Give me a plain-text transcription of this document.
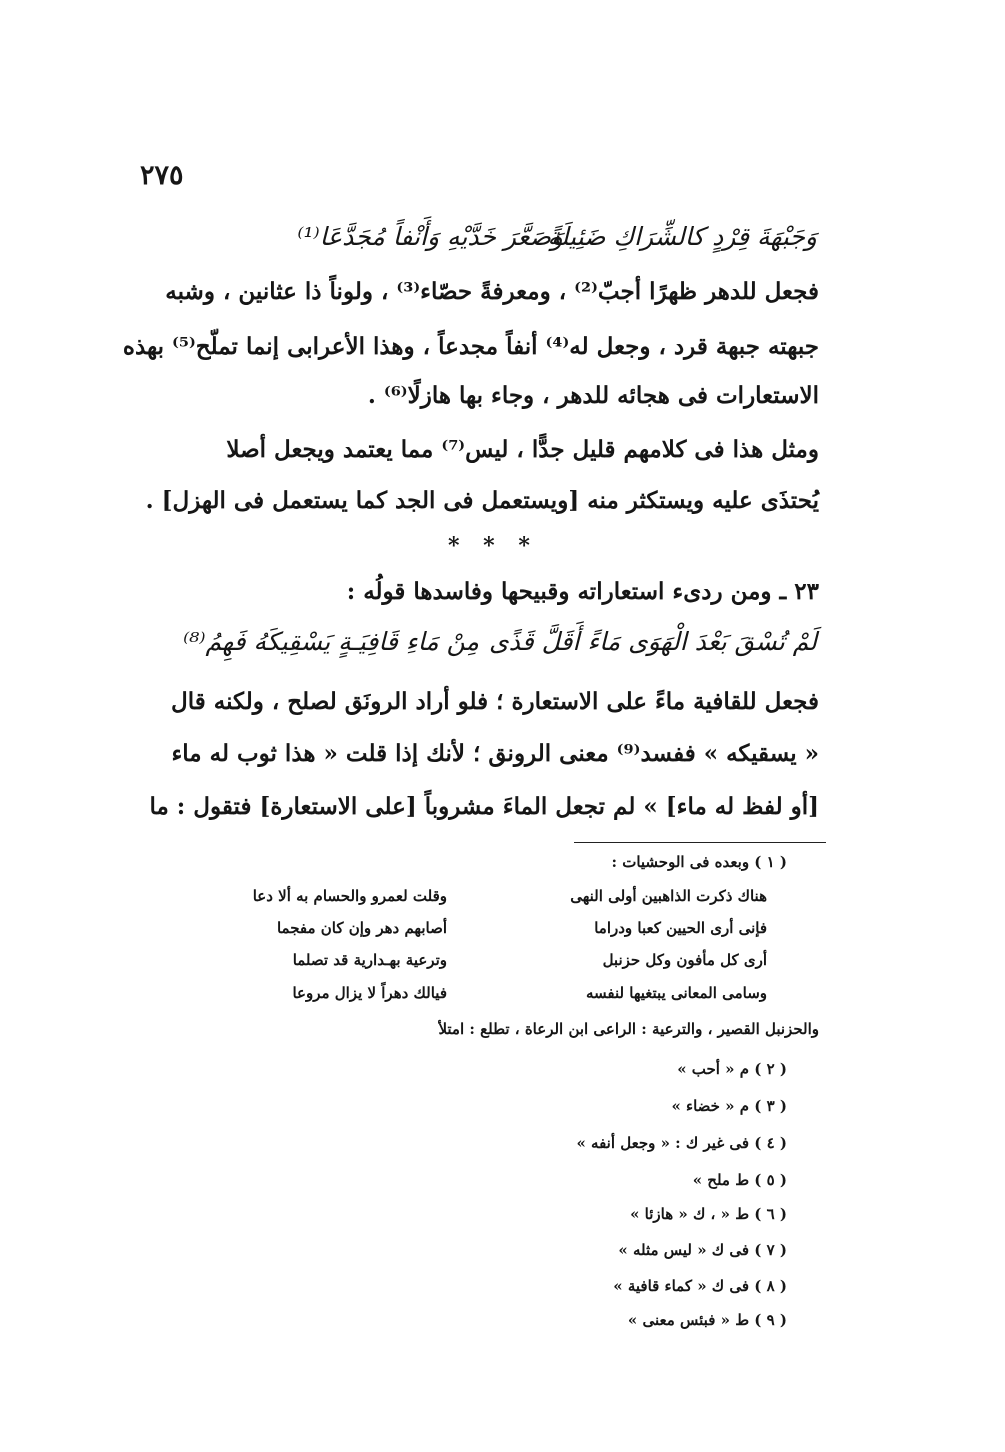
٢٧٥
وَجَبْهَةَ قِرْدٍ كالشِّرَاكِ ضَئِيلَةً
وَصَعَّرَ خَدَّيْهِ وَأَنْفاً مُجَدَّعَا⁽¹⁾
فجعل للدهر ظهرًا أجبّ⁽²⁾ ، ومعرفةً حصّاء⁽³⁾ ، ولوناً ذا عثانين ، وشبه
جبهته جبهة قرد ، وجعل له⁽⁴⁾ أنفاً مجدعاً ، وهذا الأعرابى إنما تملّح⁽⁵⁾ بهذه
الاستعارات فى هجائه للدهر ، وجاء بها هازلًا⁽⁶⁾ .
ومثل هذا فى كلامهم قليل جدًّا ، ليس⁽⁷⁾ مما يعتمد ويجعل أصلا
يُحتذَى عليه ويستكثر منه [ويستعمل فى الجد كما يستعمل فى الهزل] .
* * *
٢٣ ـ ومن ردىء استعاراته وقبيحها وفاسدها قولُه :
لَمْ تُسْقَ بَعْدَ الْهَوَى مَاءً أَقَلَّ قَذًى
مِنْ مَاءِ قَافِيَـةٍ يَسْقِيكَهُ فَهِمُ⁽⁸⁾
فجعل للقافية ماءً على الاستعارة ؛ فلو أراد الرونَق لصلح ، ولكنه قال
« يسقيكه » ففسد⁽⁹⁾ معنى الرونق ؛ لأنك إذا قلت « هذا ثوب له ماء
[أو لفظ له ماء] » لم تجعل الماءَ مشروباً [على الاستعارة] فتقول : ما
( ١ ) وبعده فى الوحشيات :
هناك ذكرت الذاهبين أولى النهى
وقلت لعمرو والحسام به ألا دعا
فإنى أرى الحيين كعبا ودراما
أصابهم دهر وإن كان مفجما
أرى كل مأفون وكل حزنبل
وترعية بهـدارية قد تصلما
وسامى المعانى يبتغيها لنفسه
فيالك دهراً لا يزال مروعا
والحزنبل القصير ، والترعية : الراعى ابن الرعاة ، تطلع : امتلأ
( ٢ ) م « أحب »
( ٣ ) م « خضاء »
( ٤ ) فى غير ك : « وجعل أنفه »
( ٥ ) ط ملح »
( ٦ ) ط « ، ك « هازئا »
( ٧ ) فى ك « ليس مثله »
( ٨ ) فى ك « كماء قافية »
( ٩ ) ط « فبئس معنى »
